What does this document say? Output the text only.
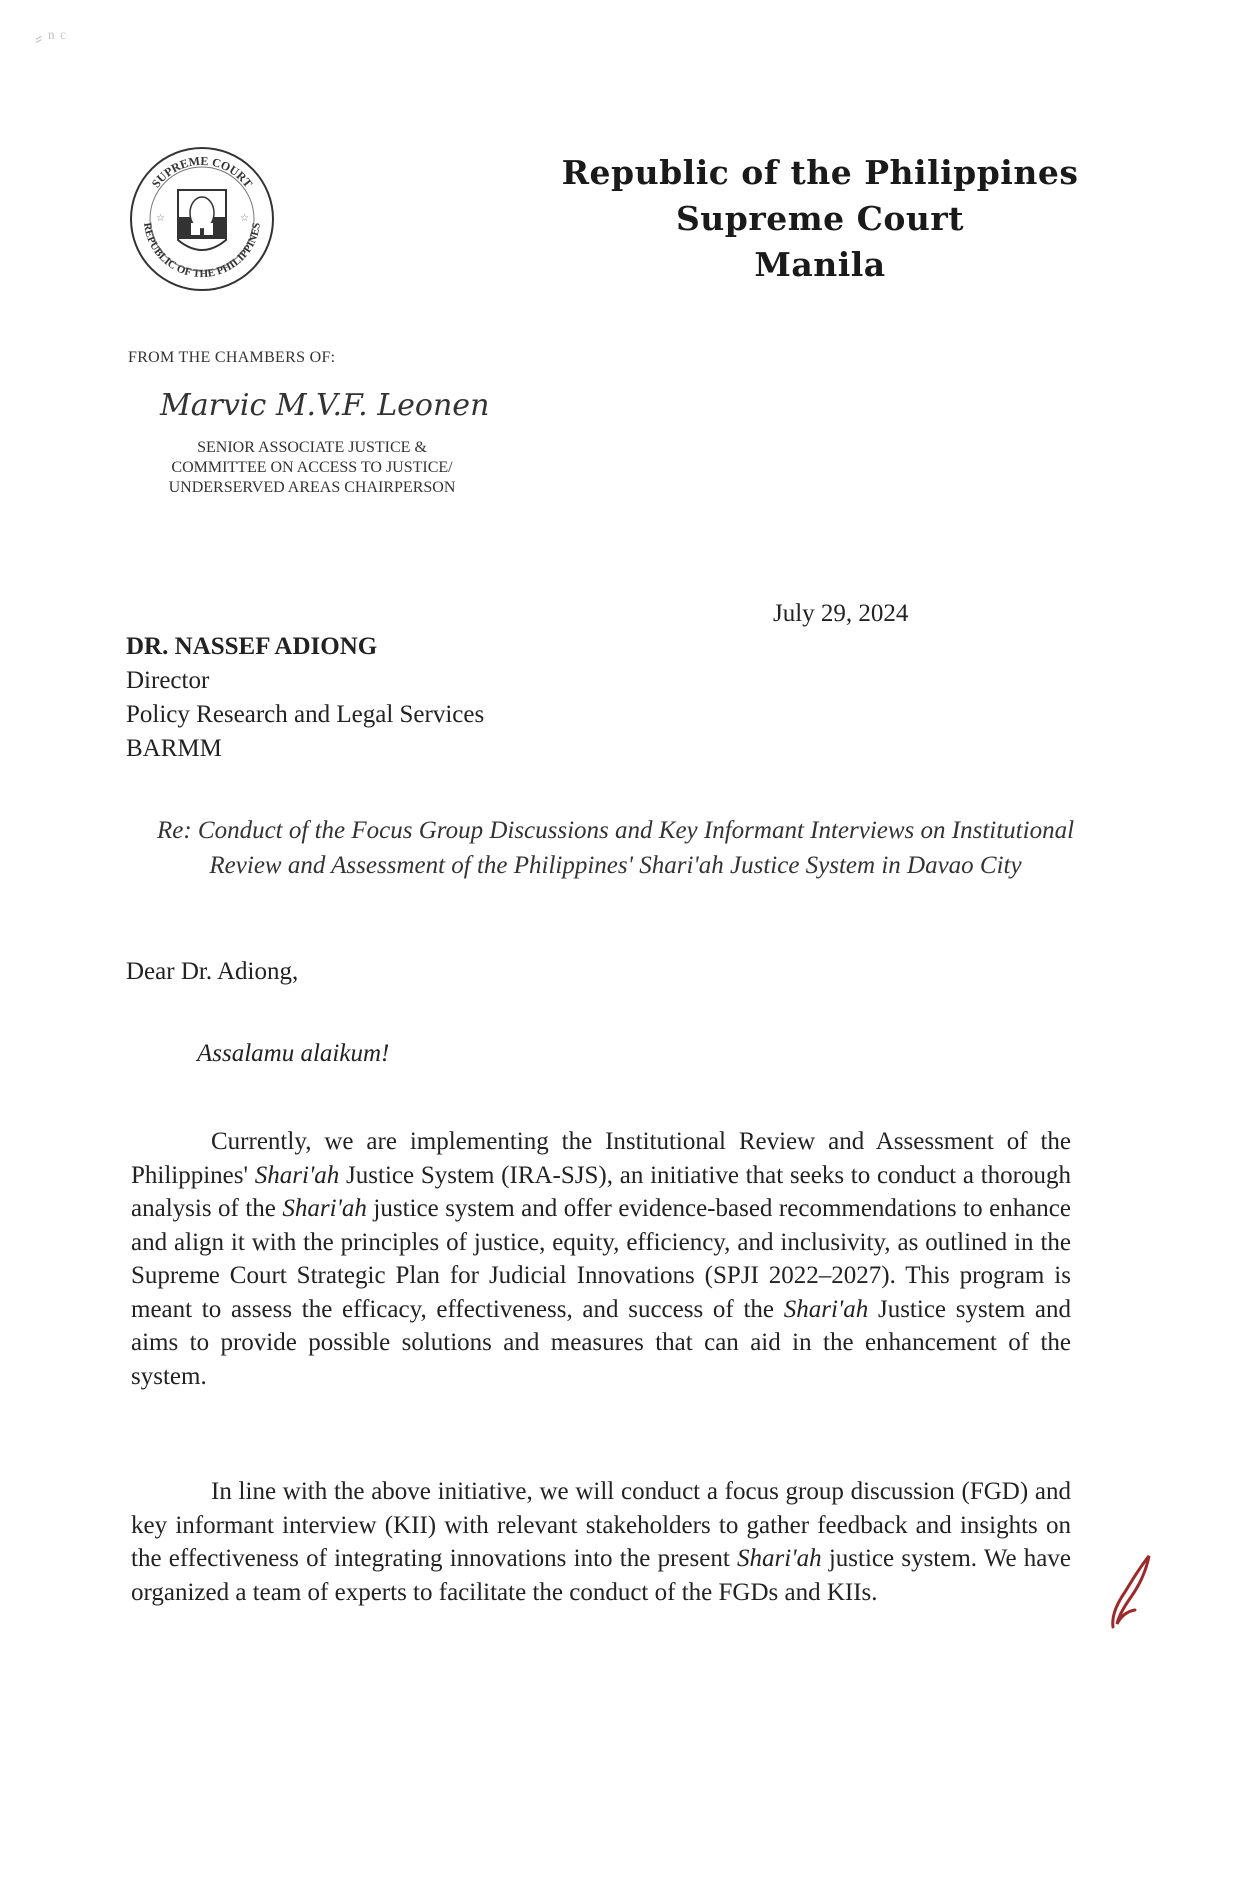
⸗ ⁿ ᶜ
☆	☆
SUPREME COURT
REPUBLIC OF THE PHILIPPINES
Republic of the Philippines
Supreme Court
Manila
FROM THE CHAMBERS OF:
Marvic M.V.F. Leonen
SENIOR ASSOCIATE JUSTICE &
COMMITTEE ON ACCESS TO JUSTICE/
UNDERSERVED AREAS CHAIRPERSON
July 29, 2024
DR. NASSEF ADIONG
Director
Policy Research and Legal Services
BARMM
Re: Conduct of the Focus Group Discussions and Key Informant Interviews on Institutional Review and Assessment of the Philippines' Shari'ah Justice System in Davao City
Dear Dr. Adiong,
Assalamu alaikum!
Currently, we are implementing the Institutional Review and Assessment of the Philippines' Shari'ah Justice System (IRA-SJS), an initiative that seeks to conduct a thorough analysis of the Shari'ah justice system and offer evidence-based recommendations to enhance and align it with the principles of justice, equity, efficiency, and inclusivity, as outlined in the Supreme Court Strategic Plan for Judicial Innovations (SPJI 2022–2027). This program is meant to assess the efficacy, effectiveness, and success of the Shari'ah Justice system and aims to provide possible solutions and measures that can aid in the enhancement of the system.
In line with the above initiative, we will conduct a focus group discussion (FGD) and key informant interview (KII) with relevant stakeholders to gather feedback and insights on the effectiveness of integrating innovations into the present Shari'ah justice system. We have organized a team of experts to facilitate the conduct of the FGDs and KIIs.
